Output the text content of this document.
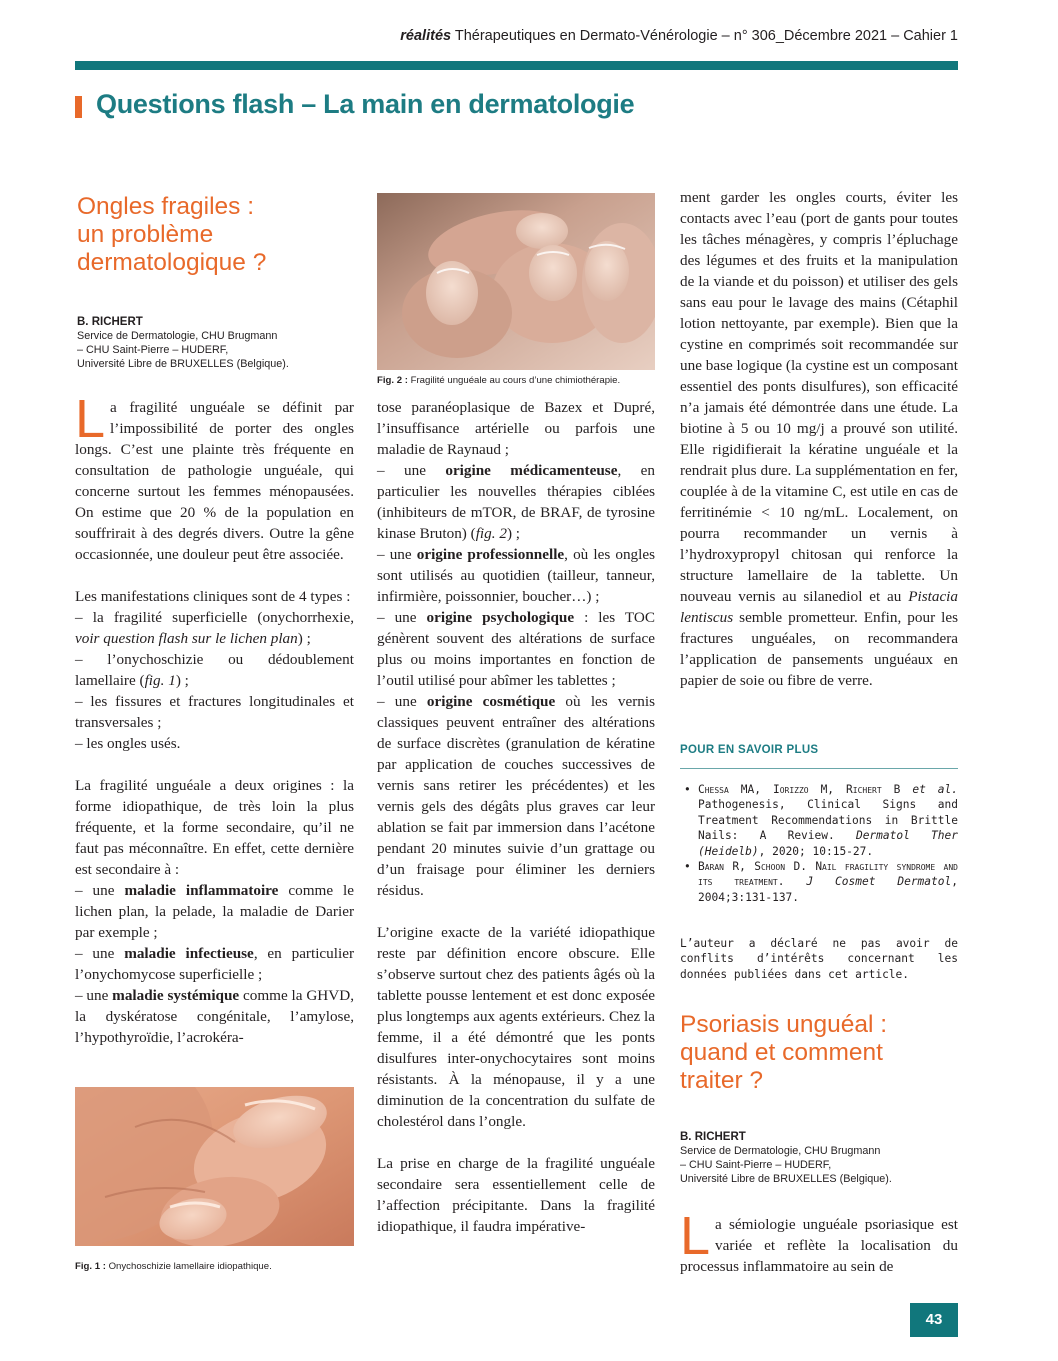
réalités Thérapeutiques en Dermato-Vénérologie – n° 306_Décembre 2021 – Cahier 1
Questions flash – La main en dermatologie
Ongles fragiles :
un problème
dermatologique ?
B. RICHERT
Service de Dermatologie, CHU Brugmann
– CHU Saint-Pierre – HUDERF,
Université Libre de BRUXELLES (Belgique).

La fragilité unguéale se définit par l’impossibilité de porter des ongles longs. C’est une plainte très fréquente en consultation de pathologie unguéale, qui concerne surtout les femmes ménopausées. On estime que 20 % de la population en souffrirait à des degrés divers. Outre la gêne occasionnée, une douleur peut être associée.

Les manifestations cliniques sont de 4 types :

– la fragilité superficielle (onychorrhexie, voir question flash sur le lichen plan) ;

– l’onychoschizie ou dédoublement lamellaire (fig. 1) ;

– les fissures et fractures longitudinales et transversales ;

– les ongles usés.

La fragilité unguéale a deux origines : la forme idiopathique, de très loin la plus fréquente, et la forme secondaire, qu’il ne faut pas méconnaître. En effet, cette dernière est secondaire à :

– une maladie inflammatoire comme le lichen plan, la pelade, la maladie de Darier par exemple ;

– une maladie infectieuse, en particulier l’onychomycose superficielle ;

– une maladie systémique comme la GHVD, la dyskératose congénitale, l’amylose, l’hypothyroïdie, l’acrokéra-

Fig. 1 : Onychoschizie lamellaire idiopathique.
Fig. 2 : Fragilité unguéale au cours d’une chimiothérapie.

tose paranéoplasique de Bazex et Dupré, l’insuffisance artérielle ou parfois une maladie de Raynaud ;

– une origine médicamenteuse, en particulier les nouvelles thérapies ciblées (inhibiteurs de mTOR, de BRAF, de tyrosine kinase Bruton) (fig. 2) ;

– une origine professionnelle, où les ongles sont utilisés au quotidien (tailleur, tanneur, infirmière, poissonnier, boucher…) ;

– une origine psychologique : les TOC génèrent souvent des altérations de surface plus ou moins importantes en fonction de l’outil utilisé pour abîmer les tablettes ;

– une origine cosmétique où les vernis classiques peuvent entraîner des altérations de surface discrètes (granulation de kératine par application de couches successives de vernis sans retirer les précédentes) et les vernis gels des dégâts plus graves car leur ablation se fait par immersion dans l’acétone pendant 20 minutes suivie d’un grattage ou d’un fraisage pour éliminer les derniers résidus.

L’origine exacte de la variété idiopathique reste par définition encore obscure. Elle s’observe surtout chez des patients âgés où la tablette pousse lentement et est donc exposée plus longtemps aux agents extérieurs. Chez la femme, il a été démontré que les ponts disulfures inter-onychocytaires sont moins résistants. À la ménopause, il y a une diminution de la concentration du sulfate de cholestérol dans l’ongle.

La prise en charge de la fragilité unguéale secondaire sera essentiellement celle de l’affection précipitante. Dans la fragilité idiopathique, il faudra impérative-

ment garder les ongles courts, éviter les contacts avec l’eau (port de gants pour toutes les tâches ménagères, y compris l’épluchage des légumes et des fruits et la manipulation de la viande et du poisson) et utiliser des gels sans eau pour le lavage des mains (Cétaphil lotion nettoyante, par exemple). Bien que la cystine en comprimés soit recommandée sur une base logique (la cystine est un composant essentiel des ponts disulfures), son efficacité n’a jamais été démontrée dans une étude. La biotine à 5 ou 10 mg/j a prouvé son utilité. Elle rigidifierait la kératine unguéale et la rendrait plus dure. La supplémentation en fer, couplée à de la vitamine C, est utile en cas de ferritinémie < 10 ng/mL. Localement, on pourra recommander un vernis à l’hydroxypropyl chitosan qui renforce la structure lamellaire de la tablette. Un nouveau vernis au silanediol et au Pistacia lentiscus semble prometteur. Enfin, pour les fractures unguéales, on recommandera l’application de pansements unguéaux en papier de soie ou fibre de verre.

POUR EN SAVOIR PLUS
• Chessa MA, Iorizzo M, Richert B et al. Pathogenesis, Clinical Signs and Treatment Recommendations in Brittle Nails: A Review. Dermatol Ther (Heidelb), 2020; 10:15-27.
• Baran R, Schoon D. Nail fragility syndrome and its treatment. J Cosmet Dermatol, 2004;3:131-137.
L’auteur a déclaré ne pas avoir de conflits d’intérêts concernant les données publiées dans cet article.
Psoriasis unguéal :
quand et comment
traiter ?
B. RICHERT
Service de Dermatologie, CHU Brugmann
– CHU Saint-Pierre – HUDERF,
Université Libre de BRUXELLES (Belgique).

La sémiologie unguéale psoriasique est variée et reflète la localisation du processus inflammatoire au sein de

43
